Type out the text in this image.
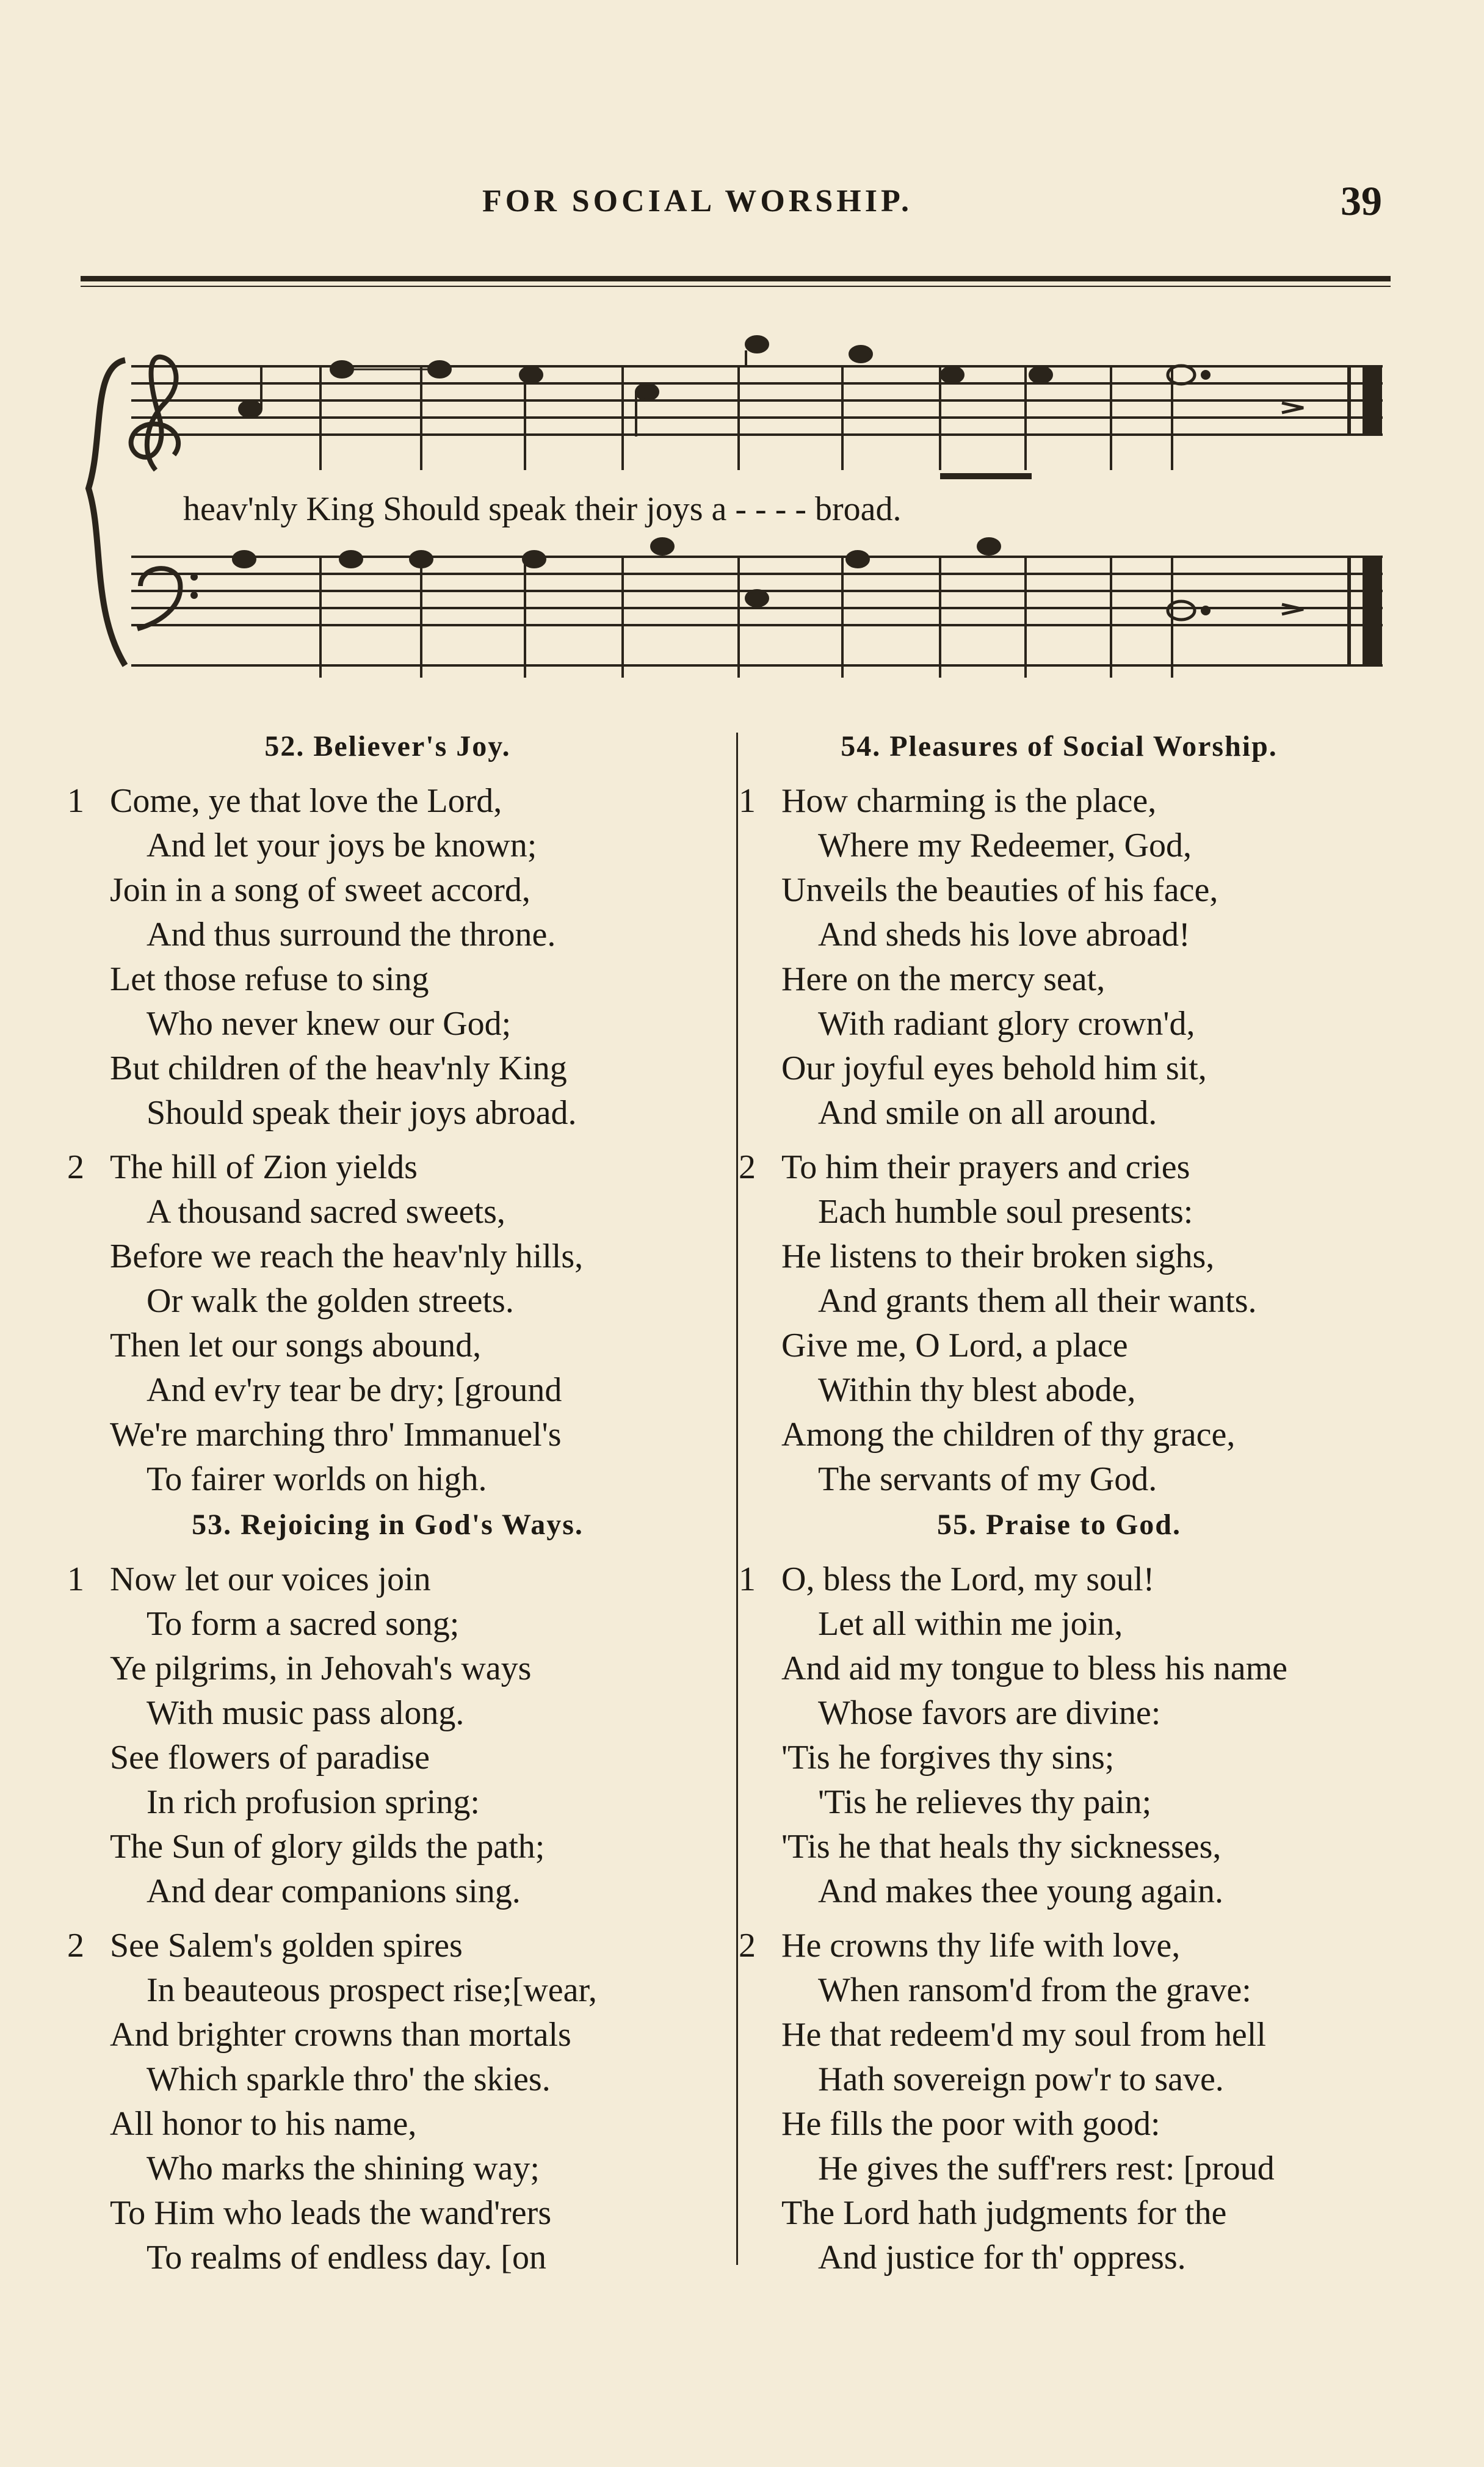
FOR SOCIAL WORSHIP.	39
heav'nly King Should speak their joys a - - - - broad.
52. Believer's Joy.
1 Come, ye that love the Lord,
And let your joys be known;
Join in a song of sweet accord,
And thus surround the throne.
Let those refuse to sing
Who never knew our God;
But children of the heav'nly King
Should speak their joys abroad.
2 The hill of Zion yields
A thousand sacred sweets,
Before we reach the heav'nly hills,
Or walk the golden streets.
Then let our songs abound,
And ev'ry tear be dry; [ground
We're marching thro' Immanuel's
To fairer worlds on high.
53. Rejoicing in God's Ways.
1 Now let our voices join
To form a sacred song;
Ye pilgrims, in Jehovah's ways
With music pass along.
See flowers of paradise
In rich profusion spring:
The Sun of glory gilds the path;
And dear companions sing.
2 See Salem's golden spires
In beauteous prospect rise;[wear,
And brighter crowns than mortals
Which sparkle thro' the skies.
All honor to his name,
Who marks the shining way;
To Him who leads the wand'rers
To realms of endless day. [on
54. Pleasures of Social Worship.
1 How charming is the place,
Where my Redeemer, God,
Unveils the beauties of his face,
And sheds his love abroad!
Here on the mercy seat,
With radiant glory crown'd,
Our joyful eyes behold him sit,
And smile on all around.
2 To him their prayers and cries
Each humble soul presents:
He listens to their broken sighs,
And grants them all their wants.
Give me, O Lord, a place
Within thy blest abode,
Among the children of thy grace,
The servants of my God.
55. Praise to God.
1 O, bless the Lord, my soul!
Let all within me join,
And aid my tongue to bless his name
Whose favors are divine:
'Tis he forgives thy sins;
'Tis he relieves thy pain;
'Tis he that heals thy sicknesses,
And makes thee young again.
2 He crowns thy life with love,
When ransom'd from the grave:
He that redeem'd my soul from hell
Hath sovereign pow'r to save.
He fills the poor with good:
He gives the suff'rers rest: [proud
The Lord hath judgments for the
And justice for th' oppress.
